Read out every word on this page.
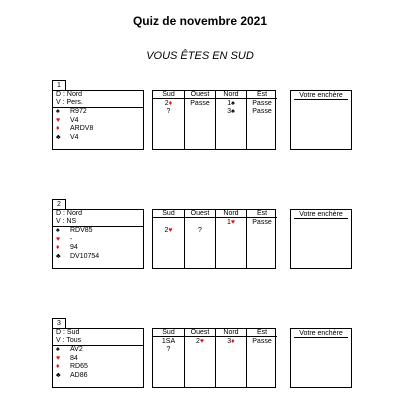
Quiz de novembre 2021
VOUS ÊTES EN SUD
1
D : Nord
V : Pers.
♠ R972
♥ V4
♦ ARDV8
♣ V4
Sud
2♦
?
Ouest
Passe
Nord
1♠
3♠
Est
Passe
Passe
Votre enchère
2
D : Nord
V : NS
♠ RDV85
♥ -
♦ 94
♣ DV10754
Sud

2♥
Ouest

?
Nord
1♥
Est
Passe
Votre enchère
3
D : Sud
V : Tous
♠ AV2
♥ 84
♦ RD65
♣ AD86
Sud
1SA
?
Ouest
2♥
Nord
3♦
Est
Passe
Votre enchère
